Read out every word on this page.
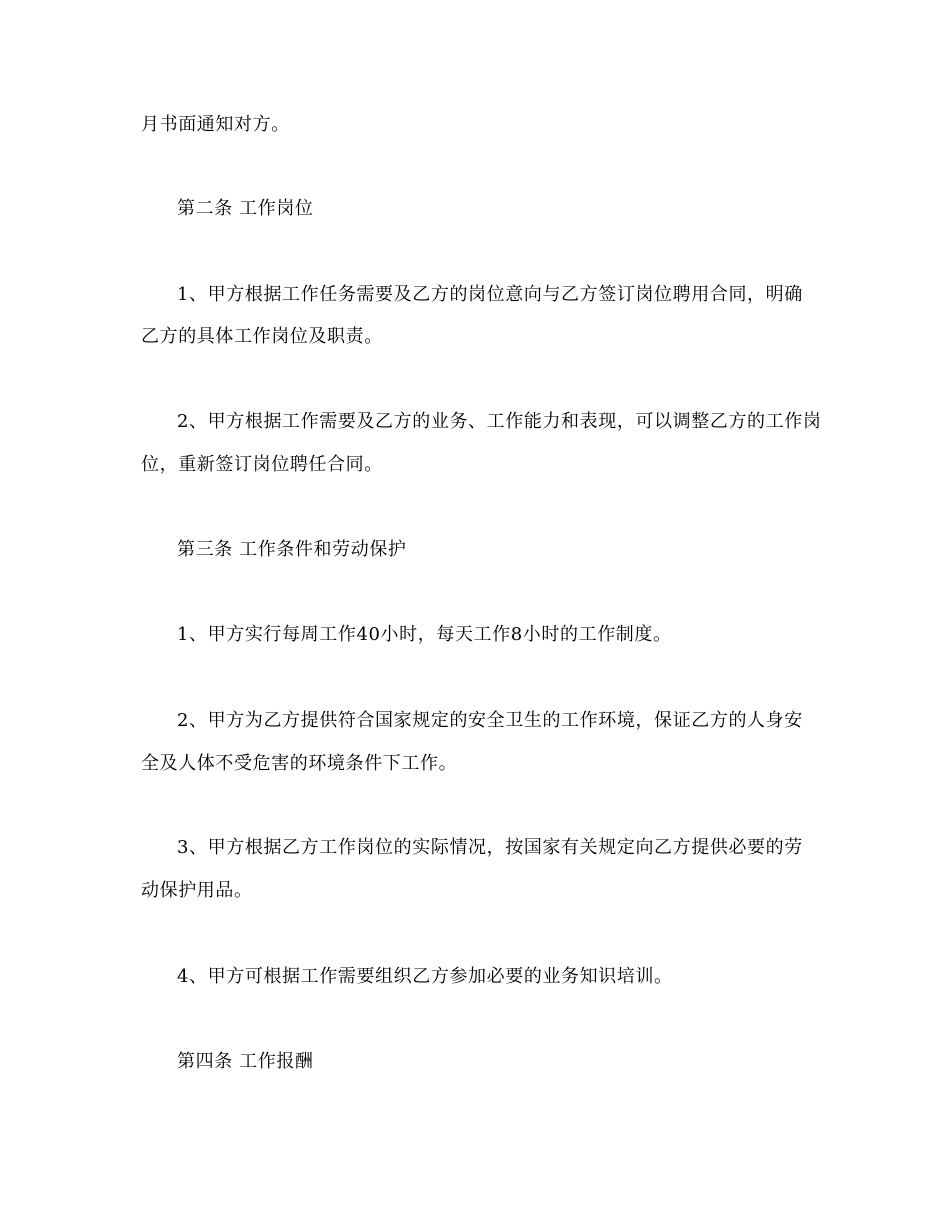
月书面通知对方。

第二条 工作岗位

1、甲方根据工作任务需要及乙方的岗位意向与乙方签订岗位聘用合同，明确

乙方的具体工作岗位及职责。

2、甲方根据工作需要及乙方的业务、工作能力和表现，可以调整乙方的工作岗

位，重新签订岗位聘任合同。

第三条 工作条件和劳动保护

1、甲方实行每周工作40小时，每天工作8小时的工作制度。

2、甲方为乙方提供符合国家规定的安全卫生的工作环境，保证乙方的人身安

全及人体不受危害的环境条件下工作。

3、甲方根据乙方工作岗位的实际情况，按国家有关规定向乙方提供必要的劳

动保护用品。

4、甲方可根据工作需要组织乙方参加必要的业务知识培训。

第四条 工作报酬
